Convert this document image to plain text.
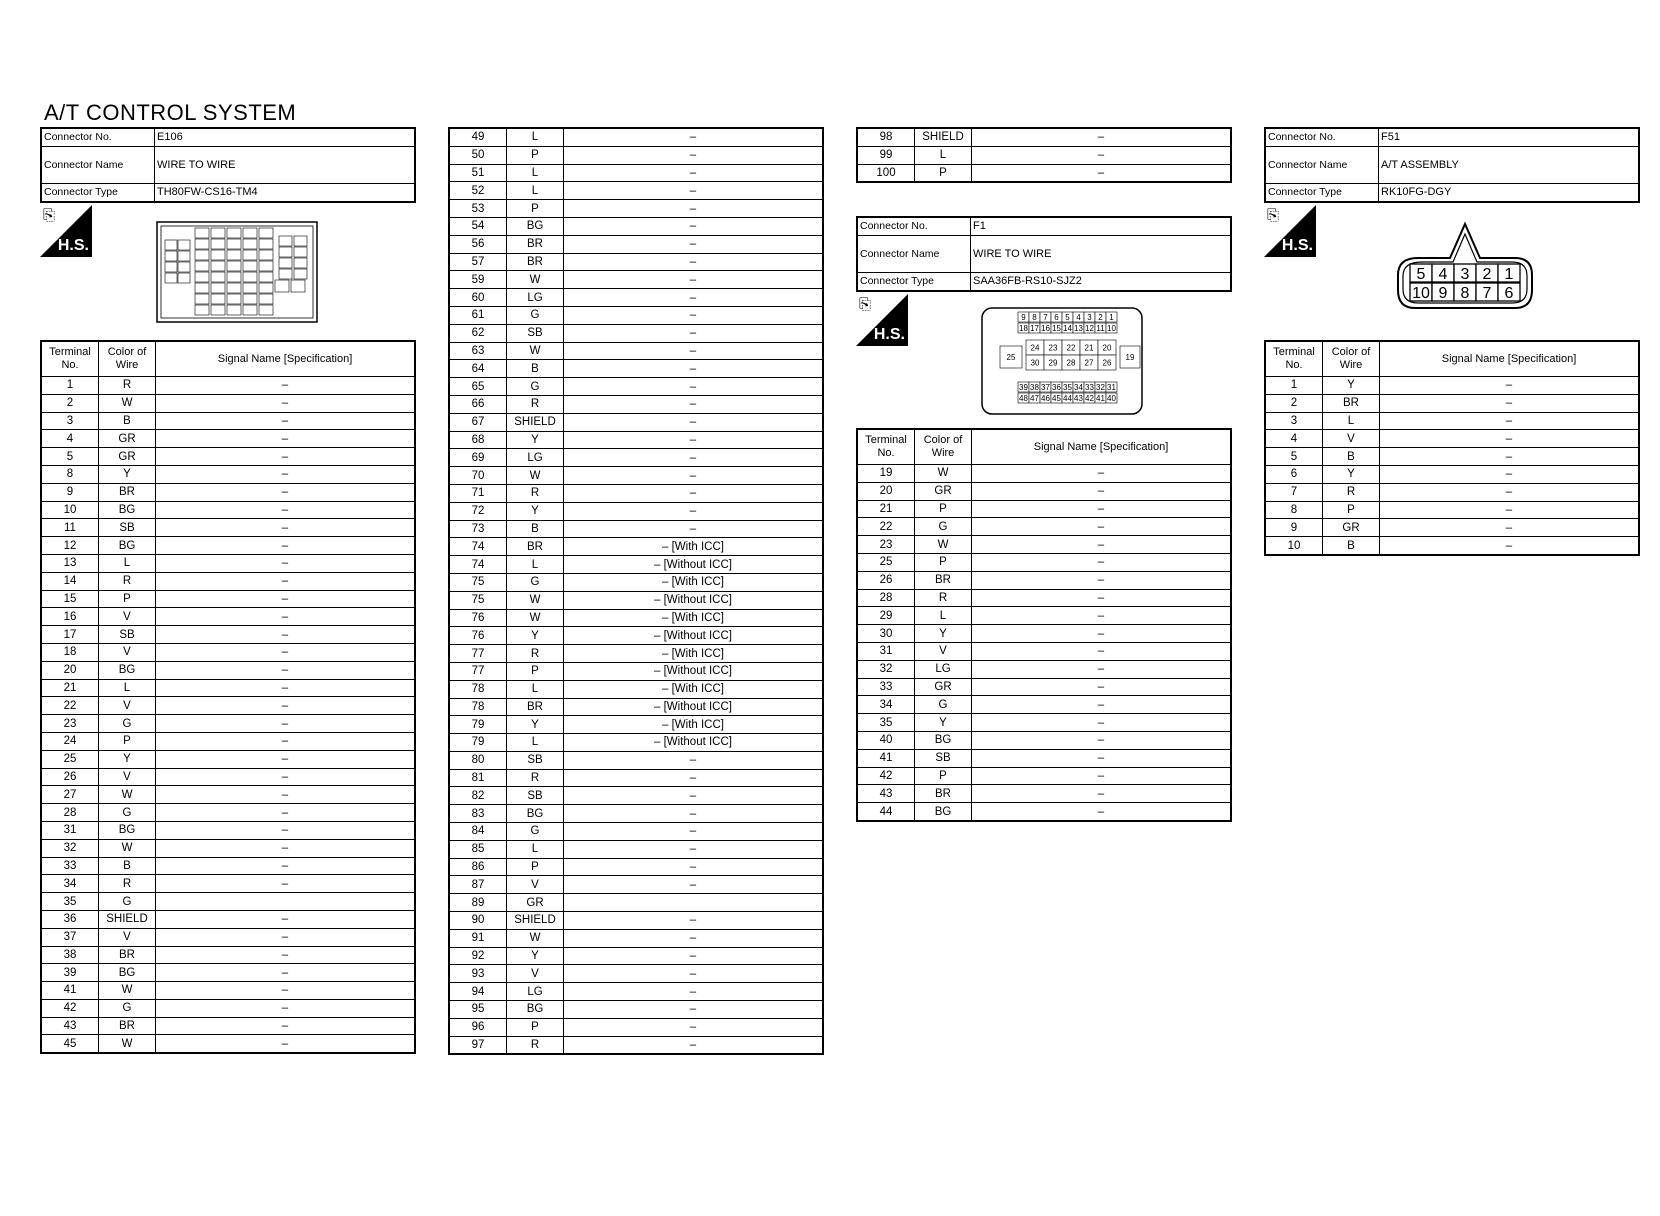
A/T CONTROL SYSTEM
Connector No.	E106
Connector Name	WIRE TO WIRE
Connector Type	TH80FW-CS16-TM4
⎘
H.S.
Terminal No.	Color of Wire	Signal Name [Specification]
1	R	–
2	W	–
3	B	–
4	GR	–
5	GR	–
8	Y	–
9	BR	–
10	BG	–
11	SB	–
12	BG	–
13	L	–
14	R	–
15	P	–
16	V	–
17	SB	–
18	V	–
20	BG	–
21	L	–
22	V	–
23	G	–
24	P	–
25	Y	–
26	V	–
27	W	–
28	G	–
31	BG	–
32	W	–
33	B	–
34	R	–
35	G	
36	SHIELD	–
37	V	–
38	BR	–
39	BG	–
41	W	–
42	G	–
43	BR	–
45	W	–
49	L	–
50	P	–
51	L	–
52	L	–
53	P	–
54	BG	–
56	BR	–
57	BR	–
59	W	–
60	LG	–
61	G	–
62	SB	–
63	W	–
64	B	–
65	G	–
66	R	–
67	SHIELD	–
68	Y	–
69	LG	–
70	W	–
71	R	–
72	Y	–
73	B	–
74	BR	– [With ICC]
74	L	– [Without ICC]
75	G	– [With ICC]
75	W	– [Without ICC]
76	W	– [With ICC]
76	Y	– [Without ICC]
77	R	– [With ICC]
77	P	– [Without ICC]
78	L	– [With ICC]
78	BR	– [Without ICC]
79	Y	– [With ICC]
79	L	– [Without ICC]
80	SB	–
81	R	–
82	SB	–
83	BG	–
84	G	–
85	L	–
86	P	–
87	V	–
89	GR	
90	SHIELD	–
91	W	–
92	Y	–
93	V	–
94	LG	–
95	BG	–
96	P	–
97	R	–
98	SHIELD	–
99	L	–
100	P	–
Connector No.	F1
Connector Name	WIRE TO WIRE
Connector Type	SAA36FB-RS10-SJZ2
⎘
H.S.
9 8 7 6 5 4 3 2 1
18 17 16 15 14 13 12 11 10
25
24 23 22 21 20
30 29 28 27 26
19
39 38 37 36 35 34 33 32 31
48 47 46 45 44 43 42 41 40
Terminal No.	Color of Wire	Signal Name [Specification]
19	W	–
20	GR	–
21	P	–
22	G	–
23	W	–
25	P	–
26	BR	–
28	R	–
29	L	–
30	Y	–
31	V	–
32	LG	–
33	GR	–
34	G	–
35	Y	–
40	BG	–
41	SB	–
42	P	–
43	BR	–
44	BG	–
Connector No.	F51
Connector Name	A/T ASSEMBLY
Connector Type	RK10FG-DGY
⎘
H.S.
5 4 3 2 1
10 9 8 7 6
Terminal No.	Color of Wire	Signal Name [Specification]
1	Y	–
2	BR	–
3	L	–
4	V	–
5	B	–
6	Y	–
7	R	–
8	P	–
9	GR	–
10	B	–
